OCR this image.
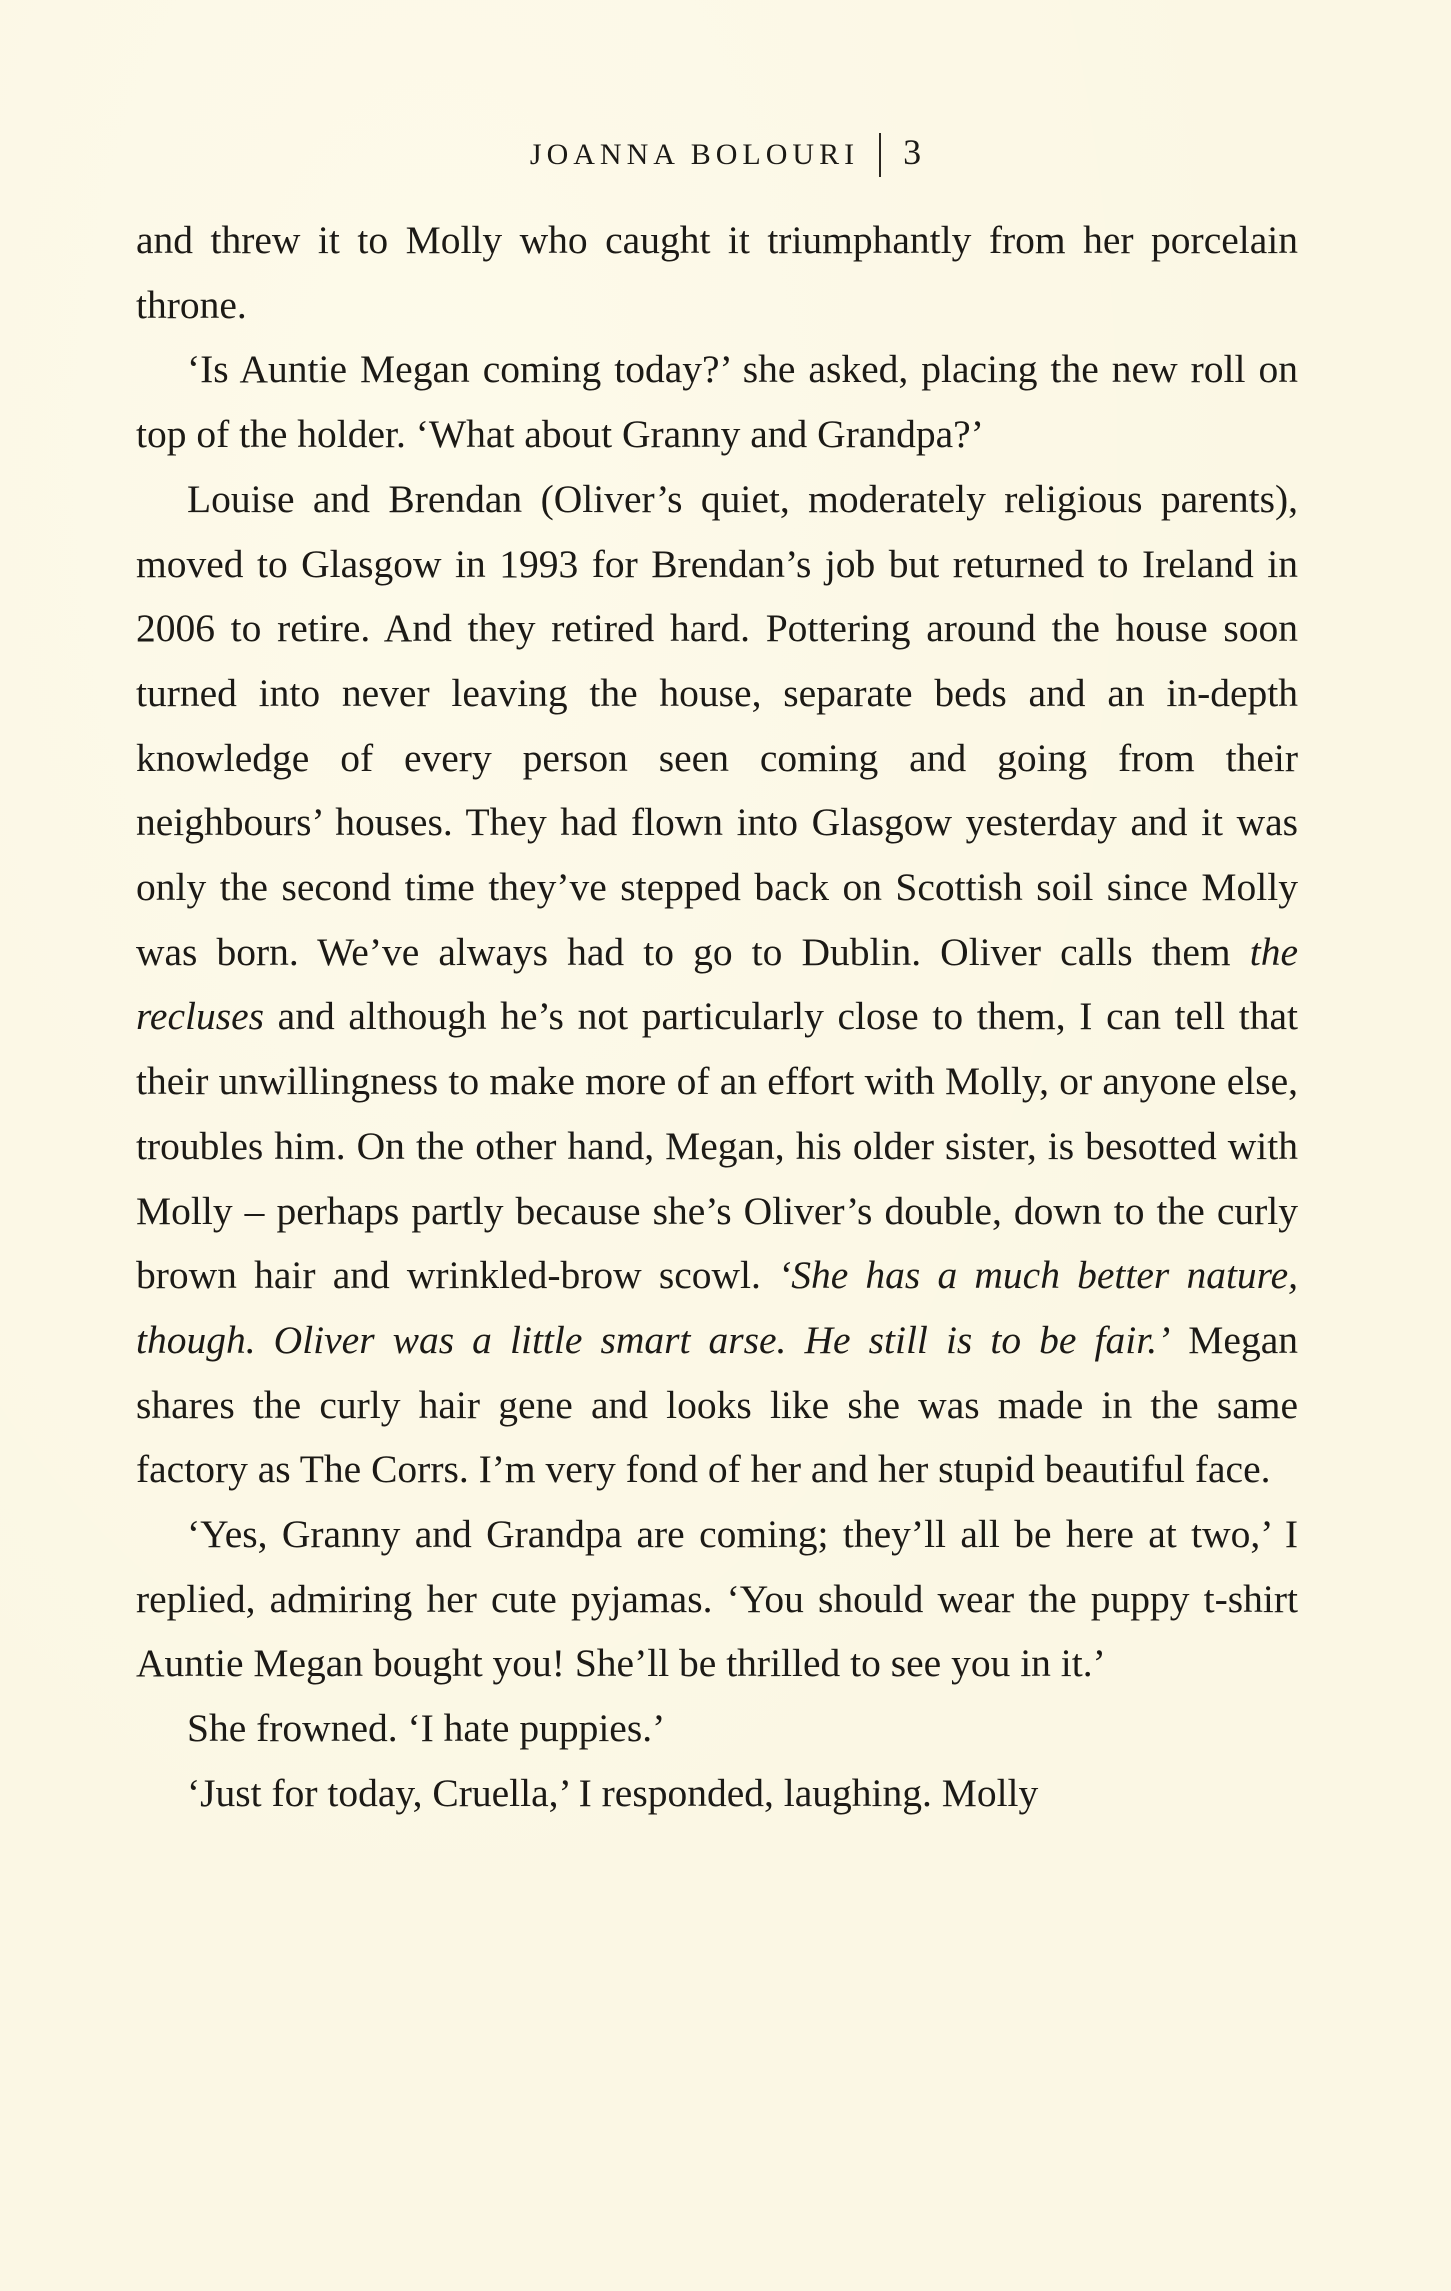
JOANNA BOLOURI 3

and threw it to Molly who caught it triumphantly from her porcelain throne.

‘Is Auntie Megan coming today?’ she asked, placing the new roll on top of the holder. ‘What about Granny and Grandpa?’

Louise and Brendan (Oliver’s quiet, moderately religious parents), moved to Glasgow in 1993 for Brendan’s job but returned to Ireland in 2006 to retire. And they retired hard. Pottering around the house soon turned into never leaving the house, separate beds and an in-depth knowledge of every person seen coming and going from their neighbours’ houses. They had flown into Glasgow yesterday and it was only the second time they’ve stepped back on Scottish soil since Molly was born. We’ve always had to go to Dublin. Oliver calls them the recluses and although he’s not particularly close to them, I can tell that their unwillingness to make more of an effort with Molly, or anyone else, troubles him. On the other hand, Megan, his older sister, is besotted with Molly – perhaps partly because she’s Oliver’s double, down to the curly brown hair and wrinkled-brow scowl. ‘She has a much better nature, though. Oliver was a little smart arse. He still is to be fair.’ Megan shares the curly hair gene and looks like she was made in the same factory as The Corrs. I’m very fond of her and her stupid beautiful face.

‘Yes, Granny and Grandpa are coming; they’ll all be here at two,’ I replied, admiring her cute pyjamas. ‘You should wear the puppy t-shirt Auntie Megan bought you! She’ll be thrilled to see you in it.’

She frowned. ‘I hate puppies.’

‘Just for today, Cruella,’ I responded, laughing. Molly
